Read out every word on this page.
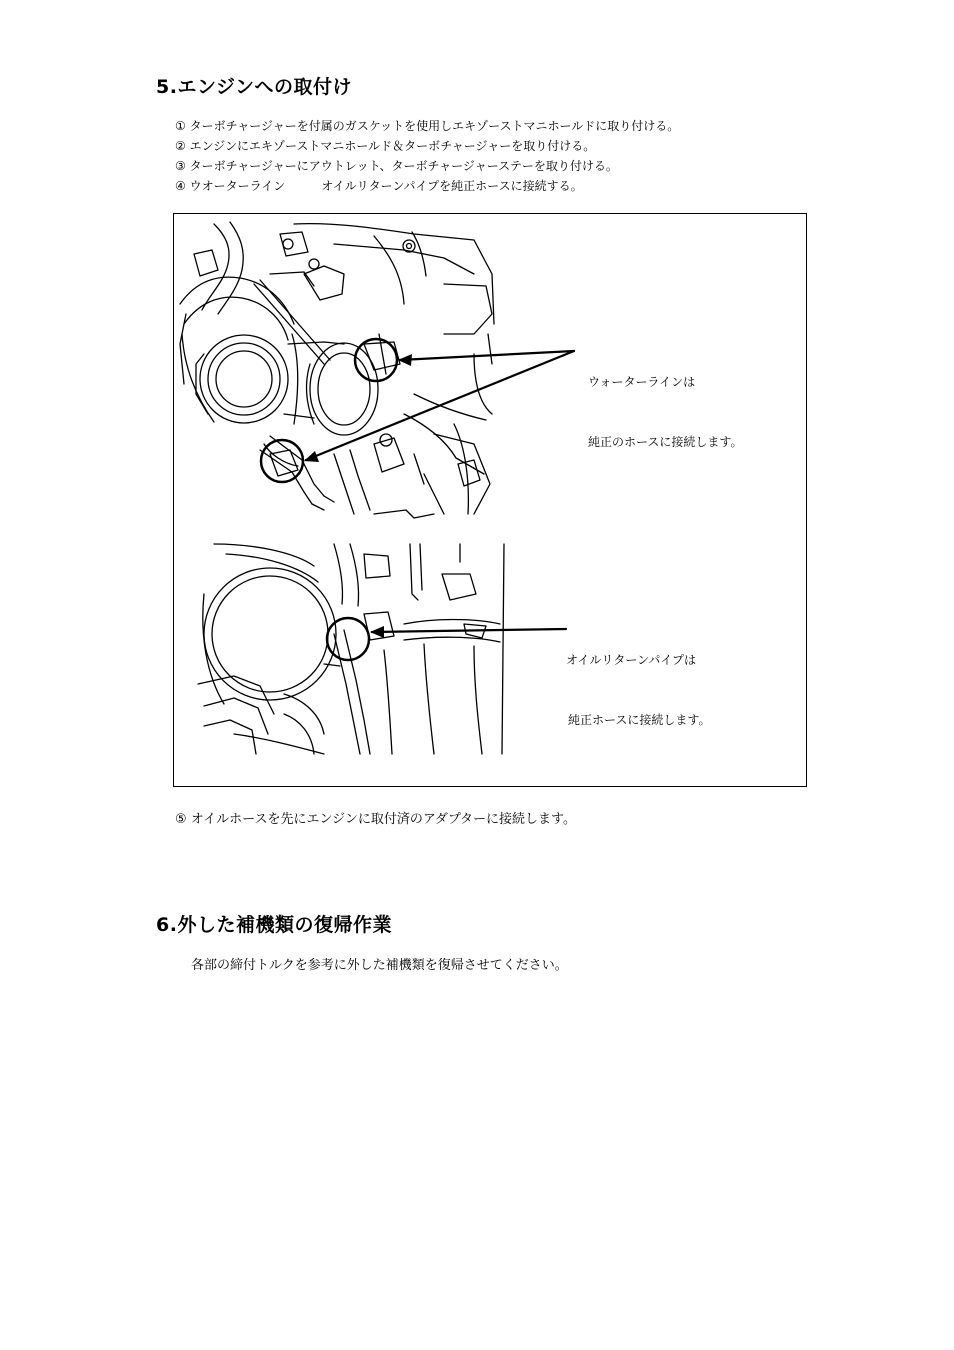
5.エンジンへの取付け
① ターボチャージャーを付属のガスケットを使用しエキゾーストマニホールドに取り付ける。
② エンジンにエキゾーストマニホールド＆ターボチャージャーを取り付ける。
③ ターボチャージャーにアウトレット、ターボチャージャーステーを取り付ける。
④ ウオーターライン　　　オイルリターンパイプを純正ホースに接続する。

ウォーターラインは

純正のホースに接続します。

オイルリターンパイプは

純正ホースに接続します。

⑤ オイルホースを先にエンジンに取付済のアダプターに接続します。

6.外した補機類の復帰作業

各部の締付トルクを参考に外した補機類を復帰させてください。
